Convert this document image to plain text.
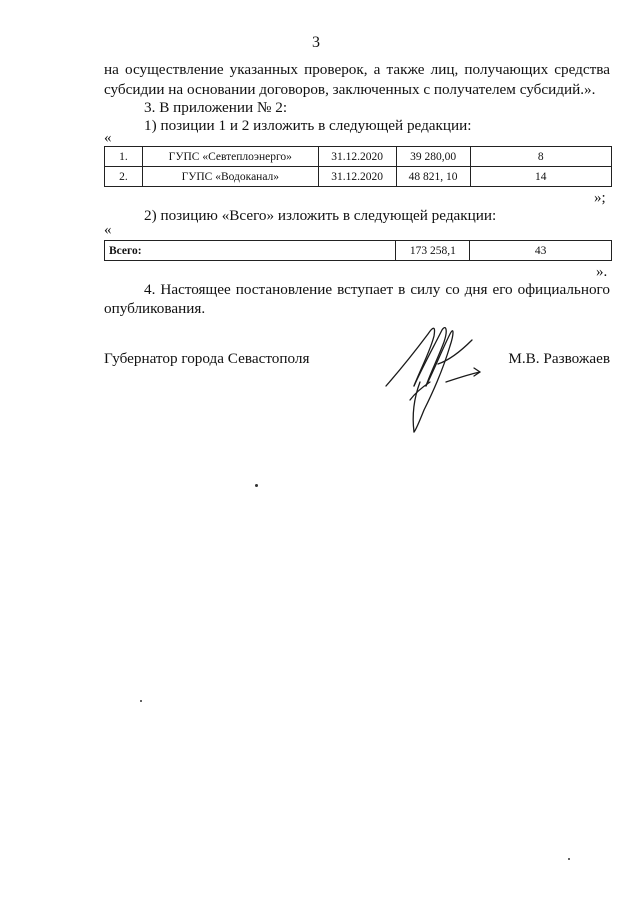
3

на осуществление указанных проверок, а также лиц, получающих средства

субсидии на основании договоров, заключенных с получателем субсидий.».

3. В приложении № 2:

1) позиции 1 и 2 изложить в следующей редакции:

«
1.	ГУПС «Севтеплоэнерго»	31.12.2020	39 280,00	8
2.	ГУПС «Водоканал»	31.12.2020	48 821, 10	14
»;

2) позицию «Всего» изложить в следующей редакции:

«
Всего:	173 258,1	43
».

4. Настоящее постановление вступает в силу со дня его официального

опубликования.

Губернатор города Севастополя	М.В. Развожаев
